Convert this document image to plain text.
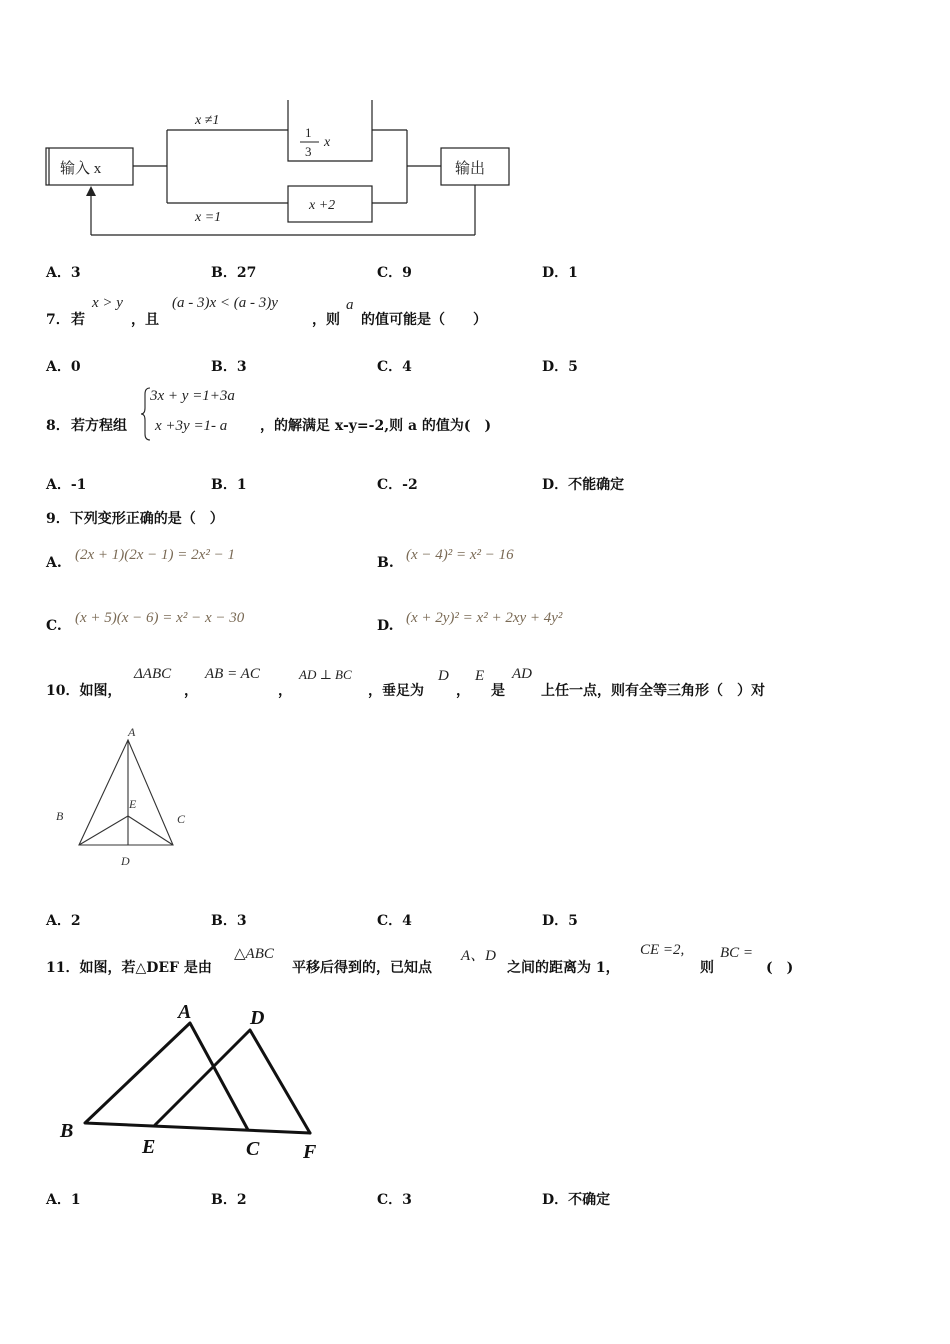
输入 x	输出
x ≠1
x =1
1
3
x
x +2
A．3	B．27	C．9	D．1
7． 若
x > y
，且
(a - 3)x < (a - 3)y
，则
a
的值可能是（　　）
A．0	B．3	C．4	D．5
8． 若方程组
3x + y =1+3a
x +3y =1- a ，的解满足 x-y=-2,则 a 的值为(　)
A．-1	B．1	C．-2	D．不能确定
9．下列变形正确的是（　）
A. (2x + 1)(2x − 1) = 2x² − 1	B. (x − 4)² = x² − 16
C. (x + 5)(x − 6) = x² − x − 30	D. (x + 2y)² = x² + 2xy + 4y²
10．如图，
ΔABC
，
AB = AC
，
AD ⊥ BC
，垂足为
D
，
E
是
AD
上任一点，则有全等三角形（　）对
A
B	C
D
E
A．2	B．3	C．4	D．5
11．如图，若△DEF 是由
△ABC
平移后得到的，已知点
A、D
之间的距离为 1，
CE =2,
则
BC =
(　)
A
B
C
D
E	F
A．1	B．2	C．3	D．不确定
